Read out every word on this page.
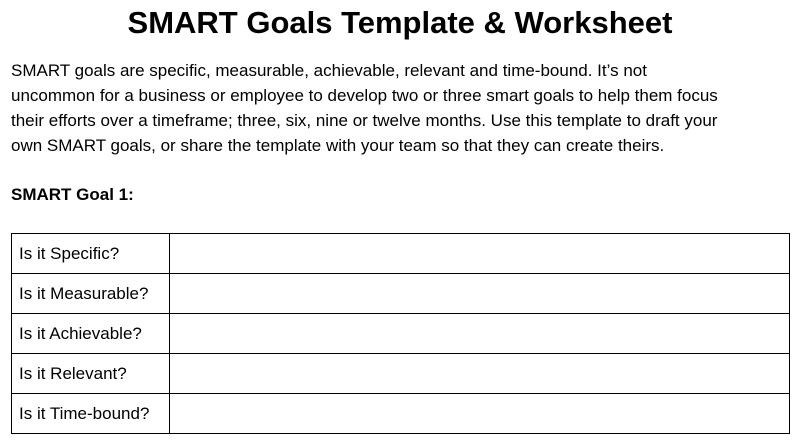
SMART Goals Template & Worksheet

SMART goals are specific, measurable, achievable, relevant and time-bound. It’s not

uncommon for a business or employee to develop two or three smart goals to help them focus

their efforts over a timeframe; three, six, nine or twelve months. Use this template to draft your

own SMART goals, or share the template with your team so that they can create theirs.

SMART Goal 1:
Is it Specific?	
Is it Measurable?	
Is it Achievable?	
Is it Relevant?	
Is it Time-bound?	
